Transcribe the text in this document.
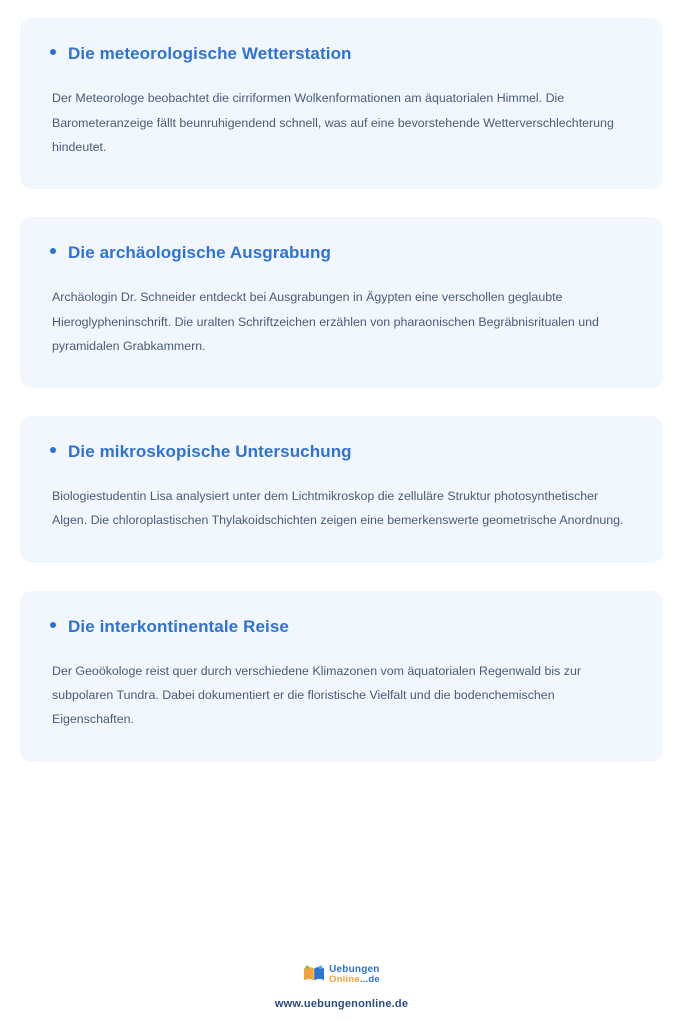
Die meteorologische Wetterstation

Der Meteorologe beobachtet die cirriformen Wolkenformationen am äquatorialen Himmel. Die Barometeranzeige fällt beunruhigendend schnell, was auf eine bevorstehende Wetterverschlechterung hindeutet.

Die archäologische Ausgrabung

Archäologin Dr. Schneider entdeckt bei Ausgrabungen in Ägypten eine verschollen geglaubte Hieroglypheninschrift. Die uralten Schriftzeichen erzählen von pharaonischen Begräbnisritualen und pyramidalen Grabkammern.

Die mikroskopische Untersuchung

Biologiestudentin Lisa analysiert unter dem Lichtmikroskop die zelluläre Struktur photosynthetischer Algen. Die chloroplastischen Thylakoidschichten zeigen eine bemerkenswerte geometrische Anordnung.

Die interkontinentale Reise

Der Geoökologe reist quer durch verschiedene Klimazonen vom äquatorialen Regenwald bis zur subpolaren Tundra. Dabei dokumentiert er die floristische Vielfalt und die bodenchemischen Eigenschaften.

Uebungen
Online...de
www.uebungenonline.de
